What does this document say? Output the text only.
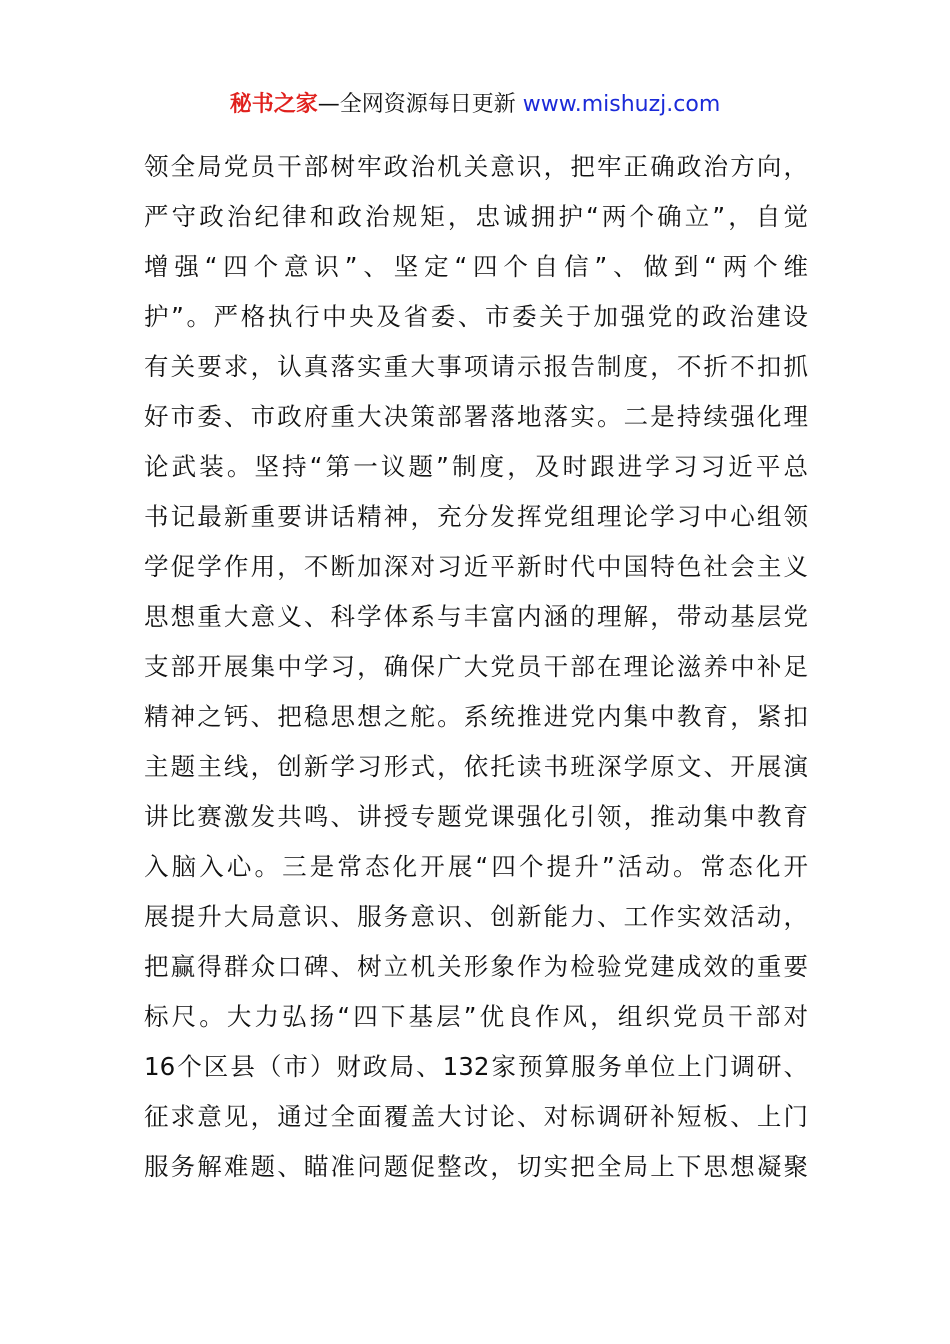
秘书之家—全网资源每日更新 www.mishuzj.com
领全局党员干部树牢政治机关意识，把牢正确政治方向，
严守政治纪律和政治规矩，忠诚拥护“两个确立”，自觉
增强“四个意识”、坚定“四个自信”、做到“两个维
护”。严格执行中央及省委、市委关于加强党的政治建设
有关要求，认真落实重大事项请示报告制度，不折不扣抓
好市委、市政府重大决策部署落地落实。二是持续强化理
论武装。坚持“第一议题”制度，及时跟进学习习近平总
书记最新重要讲话精神，充分发挥党组理论学习中心组领
学促学作用，不断加深对习近平新时代中国特色社会主义
思想重大意义、科学体系与丰富内涵的理解，带动基层党
支部开展集中学习，确保广大党员干部在理论滋养中补足
精神之钙、把稳思想之舵。系统推进党内集中教育，紧扣
主题主线，创新学习形式，依托读书班深学原文、开展演
讲比赛激发共鸣、讲授专题党课强化引领，推动集中教育
入脑入心。三是常态化开展“四个提升”活动。常态化开
展提升大局意识、服务意识、创新能力、工作实效活动，
把赢得群众口碑、树立机关形象作为检验党建成效的重要
标尺。大力弘扬“四下基层”优良作风，组织党员干部对
16个区县（市）财政局、132家预算服务单位上门调研、
征求意见，通过全面覆盖大讨论、对标调研补短板、上门
服务解难题、瞄准问题促整改，切实把全局上下思想凝聚
